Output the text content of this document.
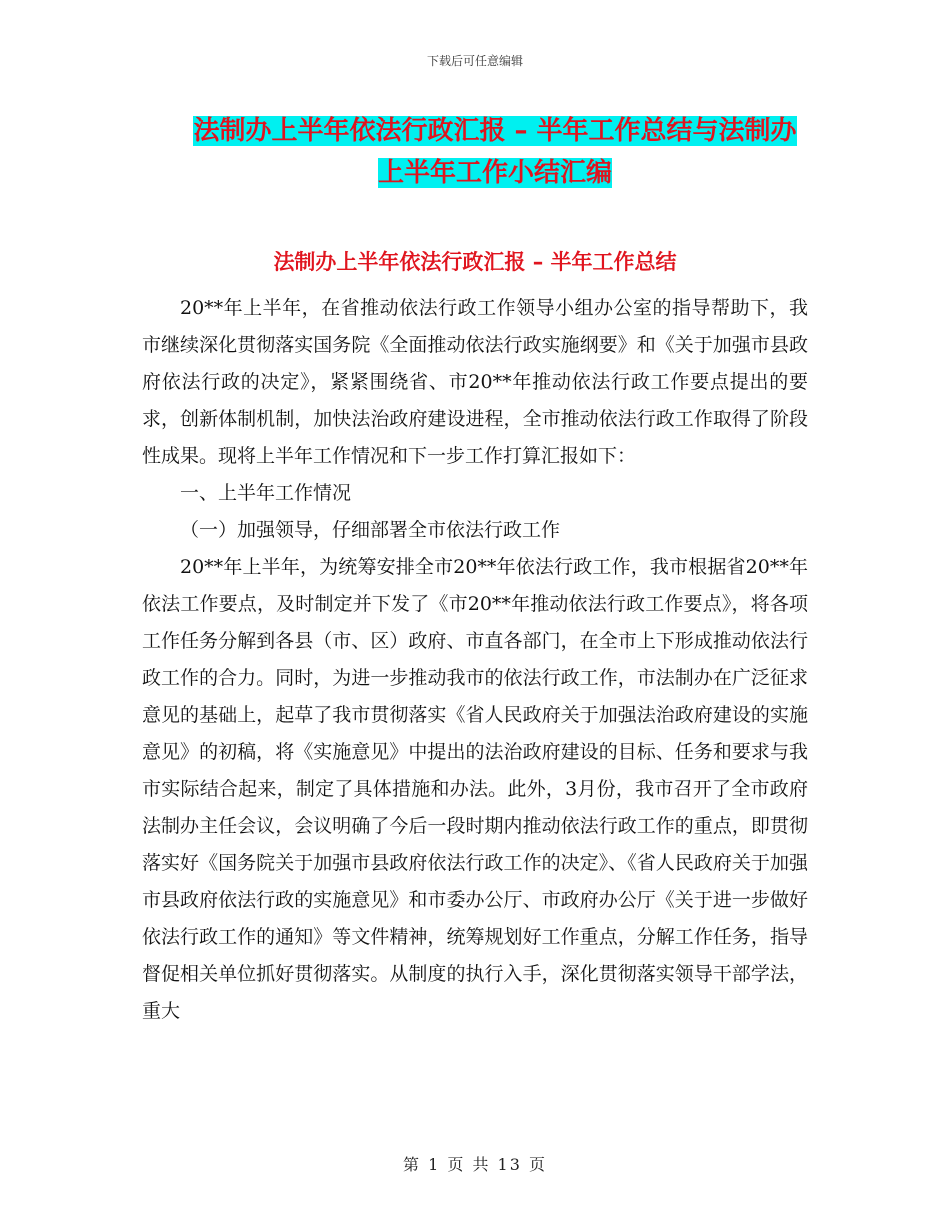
下载后可任意编辑
法制办上半年依法行政汇报 – 半年工作总结与法制办
上半年工作小结汇编
法制办上半年依法行政汇报 – 半年工作总结

20**年上半年，在省推动依法行政工作领导小组办公室的指导帮助下，我市继续深化贯彻落实国务院《全面推动依法行政实施纲要》和《关于加强市县政府依法行政的决定》，紧紧围绕省、市20**年推动依法行政工作要点提出的要求，创新体制机制，加快法治政府建设进程，全市推动依法行政工作取得了阶段性成果。现将上半年工作情况和下一步工作打算汇报如下：

一、上半年工作情况

（一）加强领导，仔细部署全市依法行政工作

20**年上半年，为统筹安排全市20**年依法行政工作，我市根据省20**年依法工作要点，及时制定并下发了《市20**年推动依法行政工作要点》，将各项工作任务分解到各县（市、区）政府、市直各部门，在全市上下形成推动依法行政工作的合力。同时，为进一步推动我市的依法行政工作，市法制办在广泛征求意见的基础上，起草了我市贯彻落实《省人民政府关于加强法治政府建设的实施意见》的初稿，将《实施意见》中提出的法治政府建设的目标、任务和要求与我市实际结合起来，制定了具体措施和办法。此外，3月份，我市召开了全市政府法制办主任会议，会议明确了今后一段时期内推动依法行政工作的重点，即贯彻落实好《国务院关于加强市县政府依法行政工作的决定》、《省人民政府关于加强市县政府依法行政的实施意见》和市委办公厅、市政府办公厅《关于进一步做好依法行政工作的通知》等文件精神，统筹规划好工作重点，分解工作任务，指导督促相关单位抓好贯彻落实。从制度的执行入手，深化贯彻落实领导干部学法，重大

第 1 页 共 13 页
